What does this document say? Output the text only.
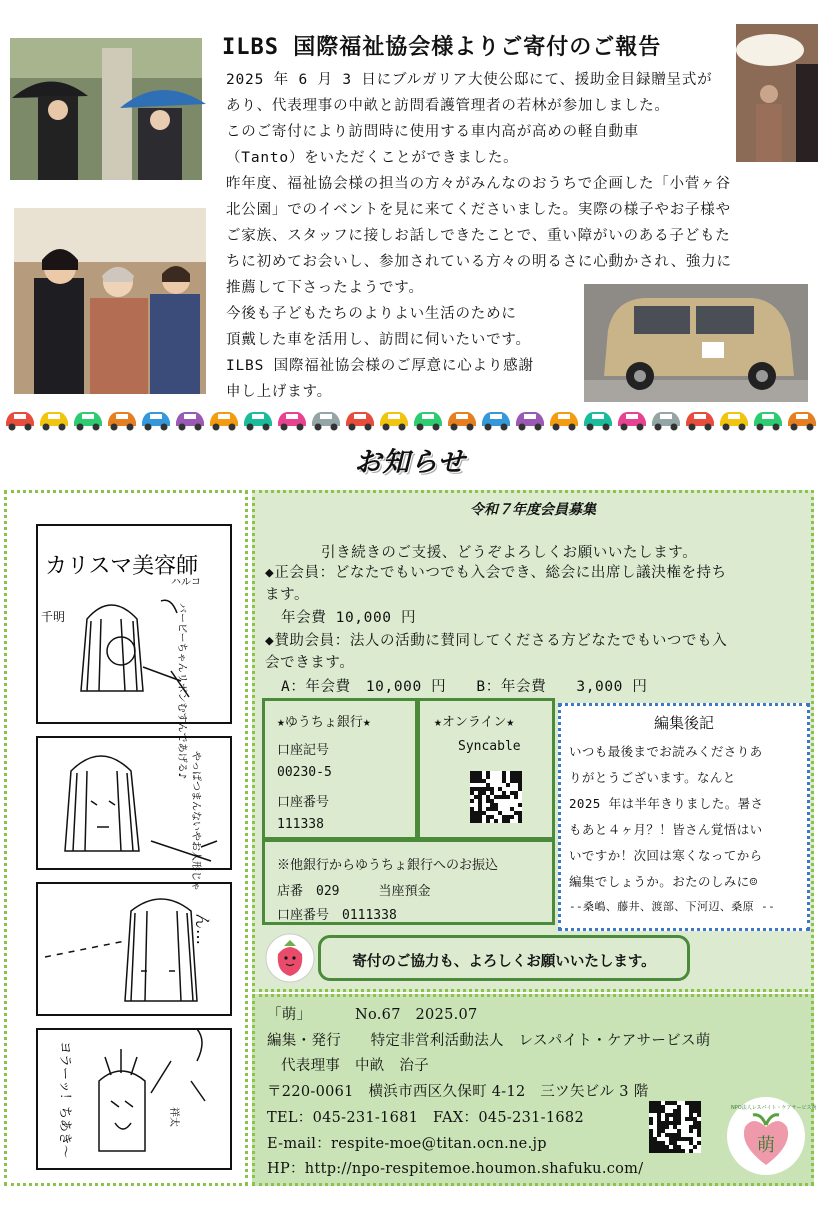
ILBS 国際福祉協会様よりご寄付のご報告
2025 年 6 月 3 日にブルガリア大使公邸にて、援助金目録贈呈式が
あり、代表理事の中畝と訪問看護管理者の若林が参加しました。
このご寄付により訪問時に使用する車内高が高めの軽自動車
（Tanto）をいただくことができました。
昨年度、福祉協会様の担当の方々がみんなのおうちで企画した「小菅ヶ谷
北公園」でのイベントを見に来てくださいました。実際の様子やお子様や
ご家族、スタッフに接しお話しできたことで、重い障がいのある子どもた
ちに初めてお会いし、参加されている方々の明るさに心動かされ、強力に
推薦して下さったようです。
今後も子どもたちのよりよい生活のために
頂戴した車を活用し、訪問に伺いたいです。
ILBS 国際福祉協会様のご厚意に心より感謝
申し上げます。
お知らせ
カリスマ美容師
ハルコ
千明	バービーちゃんリボンむすんであげる♪
やっぱつまんないやお人形じゃ
ん…
ヨラーッ！ちあき〜	祥太
令和７年度会員募集
引き続きのご支援、どうぞよろしくお願いいたします。
◆正会員：どなたでもいつでも入会でき、総会に出席し議決権を持ち
ます。
年会費 10,000 円
◆賛助会員：法人の活動に賛同してくださる方どなたでもいつでも入
会できます。
A：年会費　10,000 円　　B：年会費　　3,000 円
★ゆうちょ銀行★
口座記号
00230-5
口座番号
111338
★オンライン★
Syncable
※他銀行からゆうちょ銀行へのお振込
店番　029　　　当座預金
口座番号　0111338
編集後記
いつも最後までお読みくださりあ
りがとうございます。なんと
2025 年は半年きりました。暑さ
もあと４ヶ月？！皆さん覚悟はい
いですか！次回は寒くなってから
編集でしょうか。おたのしみに☺
--桑嶋、藤井、渡部、下河辺、桑原 --
寄付のご協力も、よろしくお願いいたします。
「萌」	No.67　2025.07
編集・発行　　特定非営利活動法人　レスパイト・ケアサービス萌
代表理事　中畝　治子
〒220-0061　横浜市西区久保町 4-12　三ツ矢ビル 3 階
TEL：045-231-1681　FAX：045-231-1682
E-mail：respite-moe@titan.ocn.ne.jp
HP：http://npo-respitemoe.houmon.shafuku.com/
萌
NPO法人レスパイト・ケアサービス萌
